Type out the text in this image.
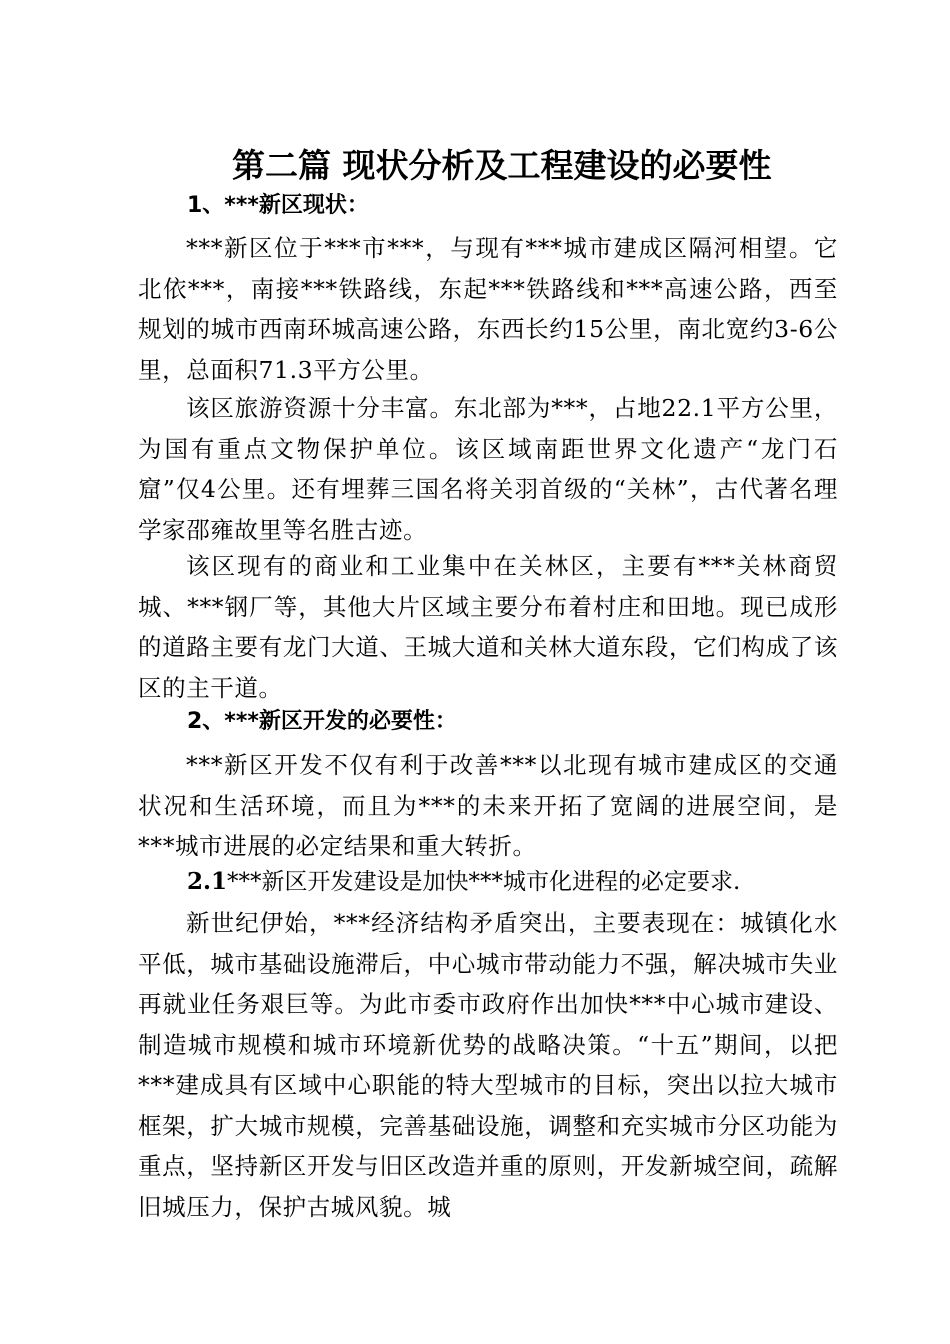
第二篇 现状分析及工程建设的必要性
1、***新区现状：

***新区位于***市***，与现有***城市建成区隔河相望。它北依***，南接***铁路线，东起***铁路线和***高速公路，西至规划的城市西南环城高速公路，东西长约15公里，南北宽约3-6公里，总面积71.3平方公里。

该区旅游资源十分丰富。东北部为***，占地22.1平方公里，为国有重点文物保护单位。该区域南距世界文化遗产“龙门石窟”仅4公里。还有埋葬三国名将关羽首级的“关林”，古代著名理学家邵雍故里等名胜古迹。

该区现有的商业和工业集中在关林区，主要有***关林商贸城、***钢厂等，其他大片区域主要分布着村庄和田地。现已成形的道路主要有龙门大道、王城大道和关林大道东段，它们构成了该区的主干道。

2、***新区开发的必要性：

***新区开发不仅有利于改善***以北现有城市建成区的交通状况和生活环境，而且为***的未来开拓了宽阔的进展空间，是***城市进展的必定结果和重大转折。

2.1***新区开发建设是加快***城市化进程的必定要求.

新世纪伊始，***经济结构矛盾突出，主要表现在：城镇化水平低，城市基础设施滞后，中心城市带动能力不强，解决城市失业再就业任务艰巨等。为此市委市政府作出加快***中心城市建设、制造城市规模和城市环境新优势的战略决策。“十五”期间，以把***建成具有区域中心职能的特大型城市的目标，突出以拉大城市框架，扩大城市规模，完善基础设施，调整和充实城市分区功能为重点，坚持新区开发与旧区改造并重的原则，开发新城空间，疏解旧城压力，保护古城风貌。城
